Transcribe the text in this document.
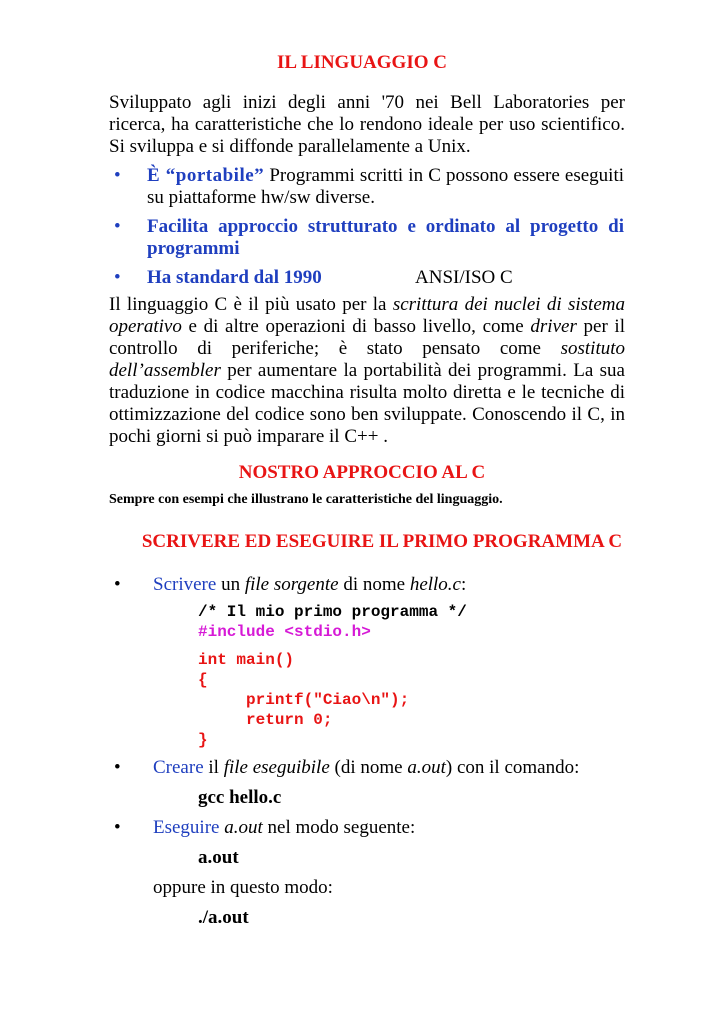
IL LINGUAGGIO C

Sviluppato agli inizi degli anni '70 nei Bell Laboratories per ricerca, ha caratteristiche che lo rendono ideale per uso scientifico. Si sviluppa e si diffonde parallelamente a Unix.

• È “portabile” Programmi scritti in C possono essere eseguiti su piattaforme hw/sw diverse.

• Facilita approccio strutturato e ordinato al progetto di programmi

• Ha standard dal 1990	ANSI/ISO C

Il linguaggio C è il più usato per la scrittura dei nuclei di sistema operativo e di altre operazioni di basso livello, come driver per il controllo di periferiche; è stato pensato come sostituto dell’assembler per aumentare la portabilità dei programmi. La sua traduzione in codice macchina risulta molto diretta e le tecniche di ottimizzazione del codice sono ben sviluppate. Conoscendo il C, in pochi giorni si può imparare il C++ .

NOSTRO APPROCCIO AL C

Sempre con esempi che illustrano le caratteristiche del linguaggio.

SCRIVERE ED ESEGUIRE IL PRIMO PROGRAMMA C
• Scrivere un file sorgente di nome hello.c:

/* Il mio primo programma */
#include <stdio.h>
int main()
{
printf("Ciao\n");
return 0;
}
• Creare il file eseguibile (di nome a.out) con il comando:

gcc hello.c

• Eseguire a.out nel modo seguente:

a.out

oppure in questo modo:

./a.out
